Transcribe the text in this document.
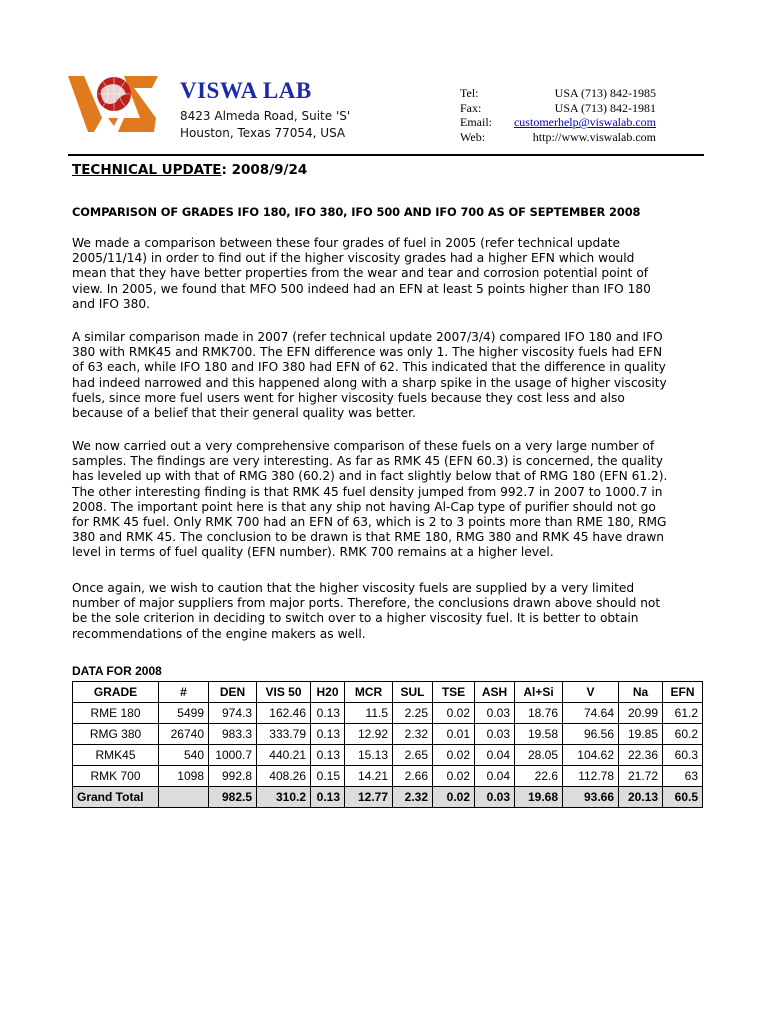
VISWA LAB
8423 Almeda Road, Suite 'S'
Houston, Texas 77054, USA
Tel:	USA (713) 842-1985
Fax:	USA (713) 842-1981
Email: customerhelp@viswalab.com
Web:	http://www.viswalab.com
TECHNICAL UPDATE: 2008/9/24
COMPARISON OF GRADES IFO 180, IFO 380, IFO 500 AND IFO 700 AS OF SEPTEMBER 2008
We made a comparison between these four grades of fuel in 2005 (refer technical update
2005/11/14) in order to find out if the higher viscosity grades had a higher EFN which would
mean that they have better properties from the wear and tear and corrosion potential point of
view. In 2005, we found that MFO 500 indeed had an EFN at least 5 points higher than IFO 180
and IFO 380.
A similar comparison made in 2007 (refer technical update 2007/3/4) compared IFO 180 and IFO
380 with RMK45 and RMK700. The EFN difference was only 1. The higher viscosity fuels had EFN
of 63 each, while IFO 180 and IFO 380 had EFN of 62. This indicated that the difference in quality
had indeed narrowed and this happened along with a sharp spike in the usage of higher viscosity
fuels, since more fuel users went for higher viscosity fuels because they cost less and also
because of a belief that their general quality was better.
We now carried out a very comprehensive comparison of these fuels on a very large number of
samples. The findings are very interesting. As far as RMK 45 (EFN 60.3) is concerned, the quality
has leveled up with that of RMG 380 (60.2) and in fact slightly below that of RMG 180 (EFN 61.2).
The other interesting finding is that RMK 45 fuel density jumped from 992.7 in 2007 to 1000.7 in
2008. The important point here is that any ship not having Al-Cap type of purifier should not go
for RMK 45 fuel. Only RMK 700 had an EFN of 63, which is 2 to 3 points more than RME 180, RMG
380 and RMK 45. The conclusion to be drawn is that RME 180, RMG 380 and RMK 45 have drawn
level in terms of fuel quality (EFN number). RMK 700 remains at a higher level.
Once again, we wish to caution that the higher viscosity fuels are supplied by a very limited
number of major suppliers from major ports. Therefore, the conclusions drawn above should not
be the sole criterion in deciding to switch over to a higher viscosity fuel. It is better to obtain
recommendations of the engine makers as well.
DATA FOR 2008
GRADE	#	DEN	VIS 50	H20	MCR	SUL	TSE	ASH	Al+Si	V	Na	EFN
RME 180	5499	974.3	162.46	0.13	11.5	2.25	0.02	0.03	18.76	74.64	20.99	61.2
RMG 380	26740	983.3	333.79	0.13	12.92	2.32	0.01	0.03	19.58	96.56	19.85	60.2
RMK45	540	1000.7	440.21	0.13	15.13	2.65	0.02	0.04	28.05	104.62	22.36	60.3
RMK 700	1098	992.8	408.26	0.15	14.21	2.66	0.02	0.04	22.6	112.78	21.72	63
Grand Total		982.5	310.2	0.13	12.77	2.32	0.02	0.03	19.68	93.66	20.13	60.5
